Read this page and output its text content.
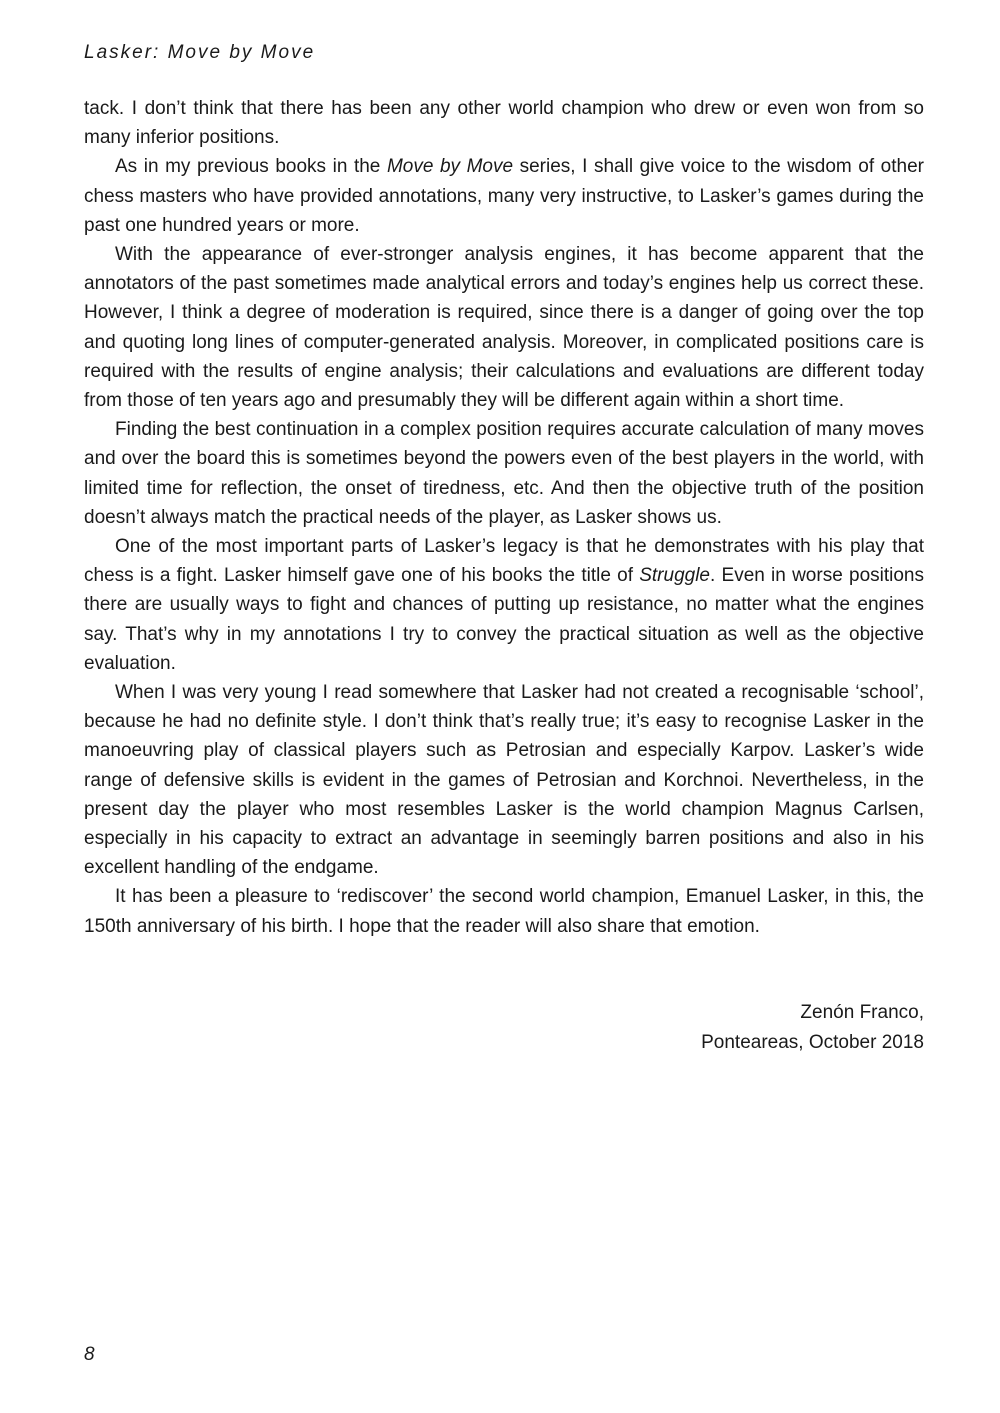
Lasker: Move by Move

tack. I don’t think that there has been any other world champion who drew or even won from so many inferior positions.

As in my previous books in the Move by Move series, I shall give voice to the wisdom of other chess masters who have provided annotations, many very instructive, to Lasker’s games during the past one hundred years or more.

With the appearance of ever-stronger analysis engines, it has become apparent that the annotators of the past sometimes made analytical errors and today’s engines help us correct these. However, I think a degree of moderation is required, since there is a danger of going over the top and quoting long lines of computer-generated analysis. Moreover, in complicated positions care is required with the results of engine analysis; their calculations and evaluations are different today from those of ten years ago and presumably they will be different again within a short time.

Finding the best continuation in a complex position requires accurate calculation of many moves and over the board this is sometimes beyond the powers even of the best players in the world, with limited time for reflection, the onset of tiredness, etc. And then the objective truth of the position doesn’t always match the practical needs of the player, as Lasker shows us.

One of the most important parts of Lasker’s legacy is that he demonstrates with his play that chess is a fight. Lasker himself gave one of his books the title of Struggle. Even in worse positions there are usually ways to fight and chances of putting up resistance, no matter what the engines say. That’s why in my annotations I try to convey the practical situation as well as the objective evaluation.

When I was very young I read somewhere that Lasker had not created a recognisable ‘school’, because he had no definite style. I don’t think that’s really true; it’s easy to recognise Lasker in the manoeuvring play of classical players such as Petrosian and especially Karpov. Lasker’s wide range of defensive skills is evident in the games of Petrosian and Korchnoi. Nevertheless, in the present day the player who most resembles Lasker is the world champion Magnus Carlsen, especially in his capacity to extract an advantage in seemingly barren positions and also in his excellent handling of the endgame.

It has been a pleasure to ‘rediscover’ the second world champion, Emanuel Lasker, in this, the 150th anniversary of his birth. I hope that the reader will also share that emotion.

Zenón Franco,
Ponteareas, October 2018
8
